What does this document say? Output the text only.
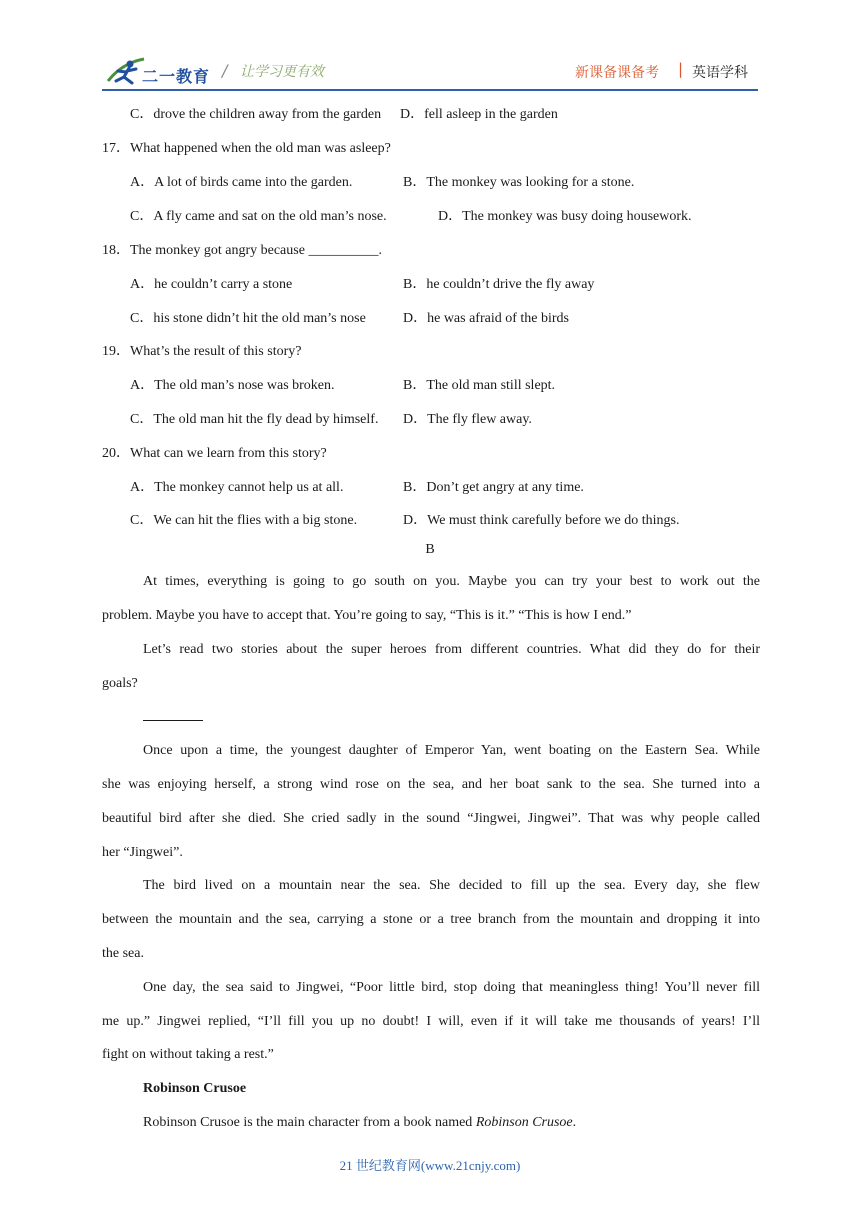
二一教育 / 让学习更有效	新课备课备考 | 英语学科
C．drove the children away from the garden D．fell asleep in the garden
17．What happened when the old man was asleep?
A．A lot of birds came into the garden.	B．The monkey was looking for a stone.
C．A fly came and sat on the old man’s nose.	D．The monkey was busy doing housework.
18．The monkey got angry because __________.
A．he couldn’t carry a stone	B．he couldn’t drive the fly away
C．his stone didn’t hit the old man’s nose	D．he was afraid of the birds
19．What’s the result of this story?
A．The old man’s nose was broken.	B．The old man still slept.
C．The old man hit the fly dead by himself. D．The fly flew away.
20．What can we learn from this story?
A．The monkey cannot help us at all.	B．Don’t get angry at any time.
C．We can hit the flies with a big stone.	D．We must think carefully before we do things.
B
At times, everything is going to go south on you. Maybe you can try your best to work out the
problem. Maybe you have to accept that. You’re going to say, “This is it.” “This is how I end.”
Let’s read two stories about the super heroes from different countries. What did they do for their
goals?
Once upon a time, the youngest daughter of Emperor Yan, went boating on the Eastern Sea. While
she was enjoying herself, a strong wind rose on the sea, and her boat sank to the sea. She turned into a
beautiful bird after she died. She cried sadly in the sound “Jingwei, Jingwei”. That was why people called
her “Jingwei”.
The bird lived on a mountain near the sea. She decided to fill up the sea. Every day, she flew
between the mountain and the sea, carrying a stone or a tree branch from the mountain and dropping it into
the sea.
One day, the sea said to Jingwei, “Poor little bird, stop doing that meaningless thing! You’ll never fill
me up.” Jingwei replied, “I’ll fill you up no doubt! I will, even if it will take me thousands of years! I’ll
fight on without taking a rest.”
Robinson Crusoe
Robinson Crusoe is the main character from a book named Robinson Crusoe.
21 世纪教育网(www.21cnjy.com)
